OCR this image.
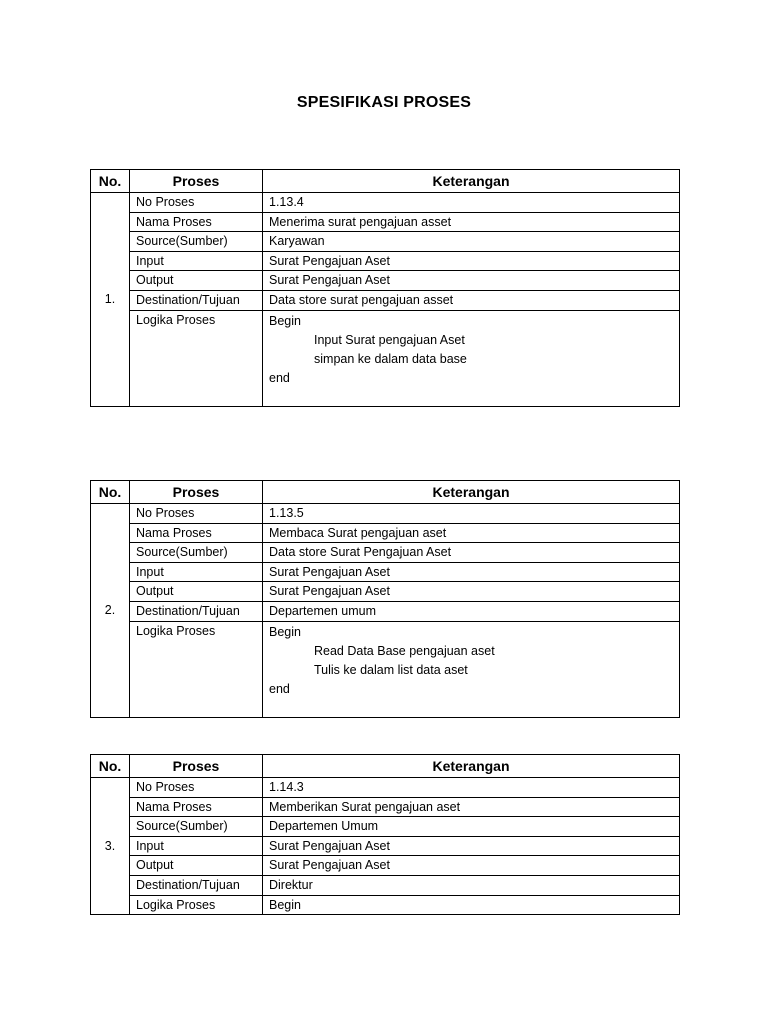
SPESIFIKASI PROSES
No.	Proses	Keterangan
1.	No Proses	1.13.4
	Nama Proses	Menerima surat pengajuan asset
	Source(Sumber)	Karyawan
	Input	Surat Pengajuan Aset
	Output	Surat Pengajuan Aset
	Destination/Tujuan	Data store surat pengajuan asset
	Logika Proses	Begin
Input Surat pengajuan Aset
simpan ke dalam data base
end
No.	Proses	Keterangan
2.	No Proses	1.13.5
	Nama Proses	Membaca Surat pengajuan aset
	Source(Sumber)	Data store Surat Pengajuan Aset
	Input	Surat Pengajuan Aset
	Output	Surat Pengajuan Aset
	Destination/Tujuan	Departemen umum
	Logika Proses	Begin
Read Data Base pengajuan aset
Tulis ke dalam list data aset
end
No.	Proses	Keterangan
3.	No Proses	1.14.3
	Nama Proses	Memberikan Surat pengajuan aset
	Source(Sumber)	Departemen Umum
	Input	Surat Pengajuan Aset
	Output	Surat Pengajuan Aset
	Destination/Tujuan	Direktur
	Logika Proses	Begin
